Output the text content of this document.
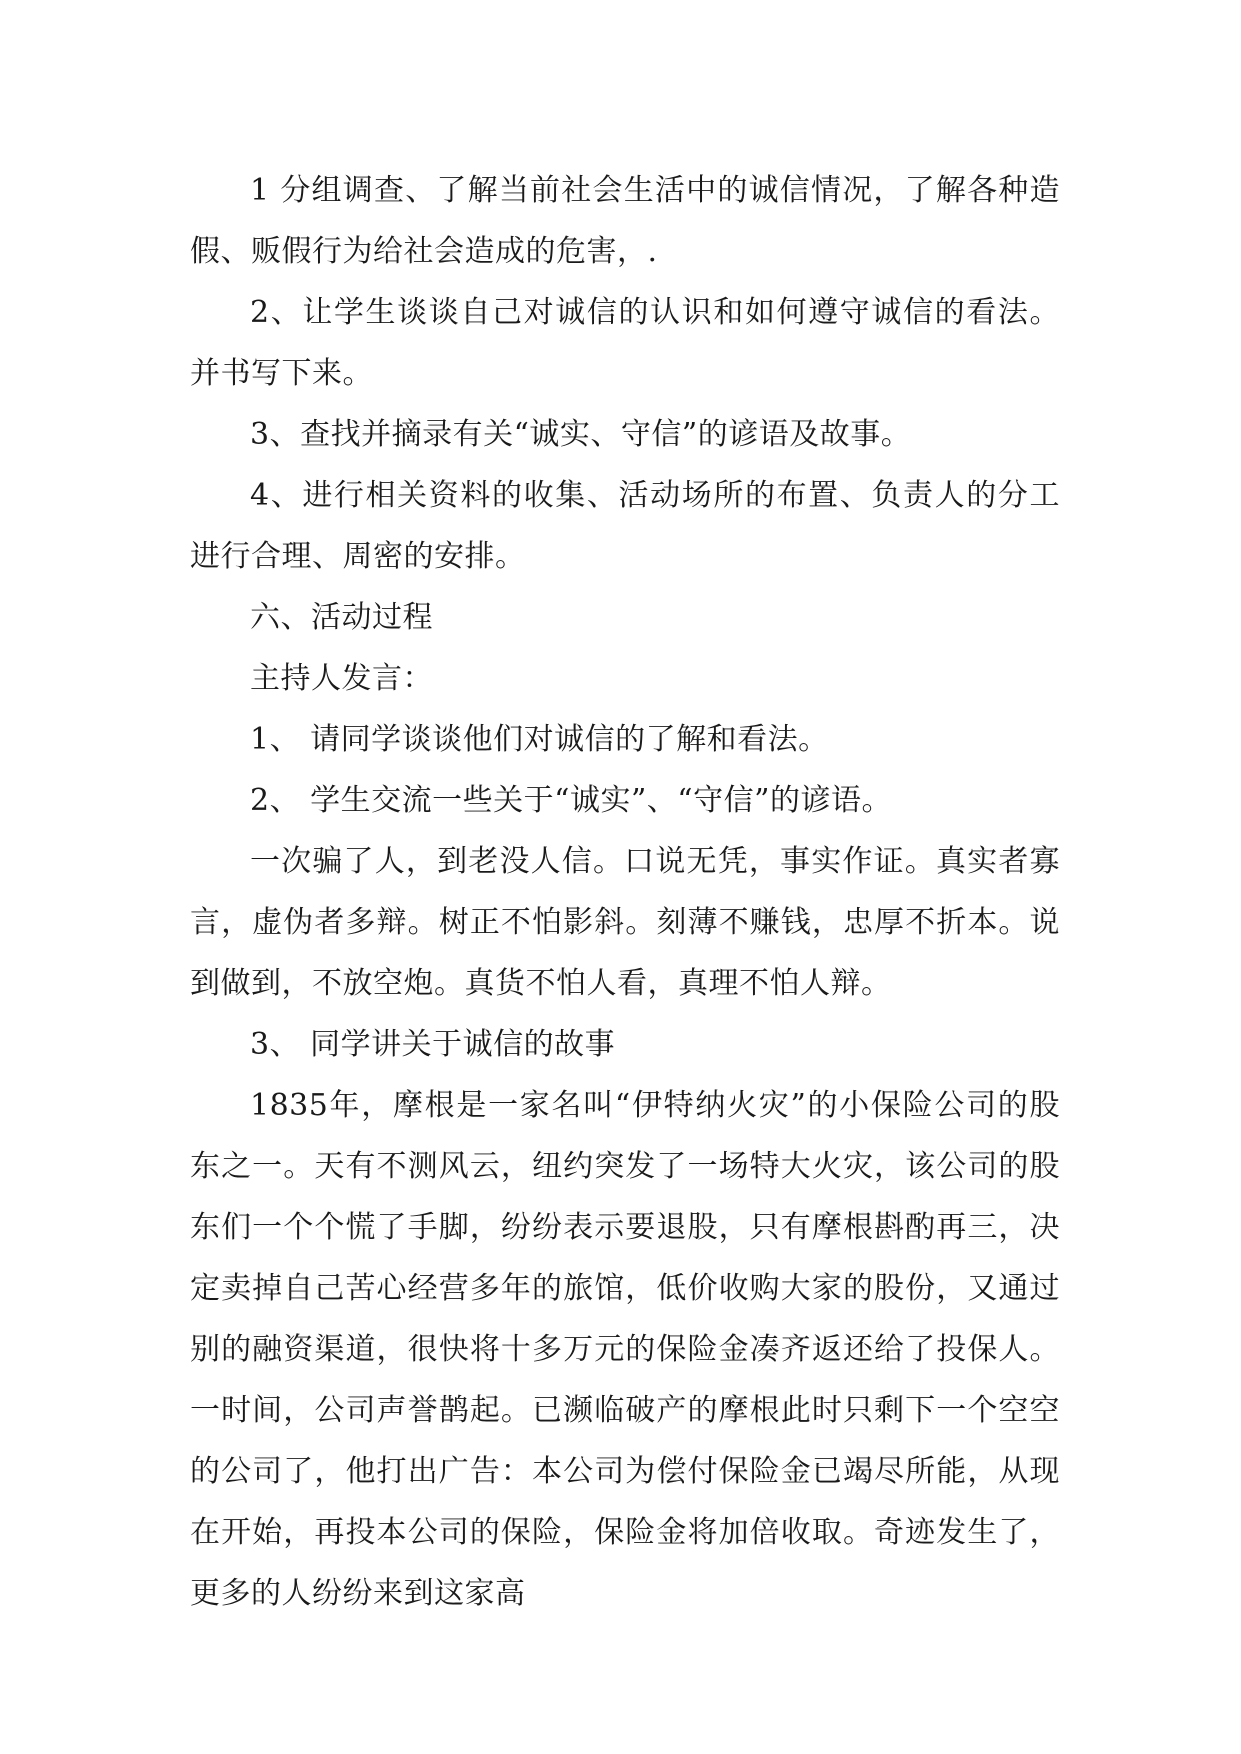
1 分组调查、了解当前社会生活中的诚信情况，了解各种造假、贩假行为给社会造成的危害，.

2、让学生谈谈自己对诚信的认识和如何遵守诚信的看法。并书写下来。

3、查找并摘录有关“诚实、守信”的谚语及故事。

4、进行相关资料的收集、活动场所的布置、负责人的分工进行合理、周密的安排。

六、活动过程

主持人发言：

1、 请同学谈谈他们对诚信的了解和看法。

2、 学生交流一些关于“诚实”、“守信”的谚语。

一次骗了人，到老没人信。口说无凭，事实作证。真实者寡言，虚伪者多辩。树正不怕影斜。刻薄不赚钱，忠厚不折本。说到做到，不放空炮。真货不怕人看，真理不怕人辩。

3、 同学讲关于诚信的故事

1835年，摩根是一家名叫“伊特纳火灾”的小保险公司的股东之一。天有不测风云，纽约突发了一场特大火灾，该公司的股东们一个个慌了手脚，纷纷表示要退股，只有摩根斟酌再三，决定卖掉自己苦心经营多年的旅馆，低价收购大家的股份，又通过别的融资渠道，很快将十多万元的保险金凑齐返还给了投保人。一时间，公司声誉鹊起。已濒临破产的摩根此时只剩下一个空空的公司了，他打出广告：本公司为偿付保险金已竭尽所能，从现在开始，再投本公司的保险，保险金将加倍收取。奇迹发生了，更多的人纷纷来到这家高
